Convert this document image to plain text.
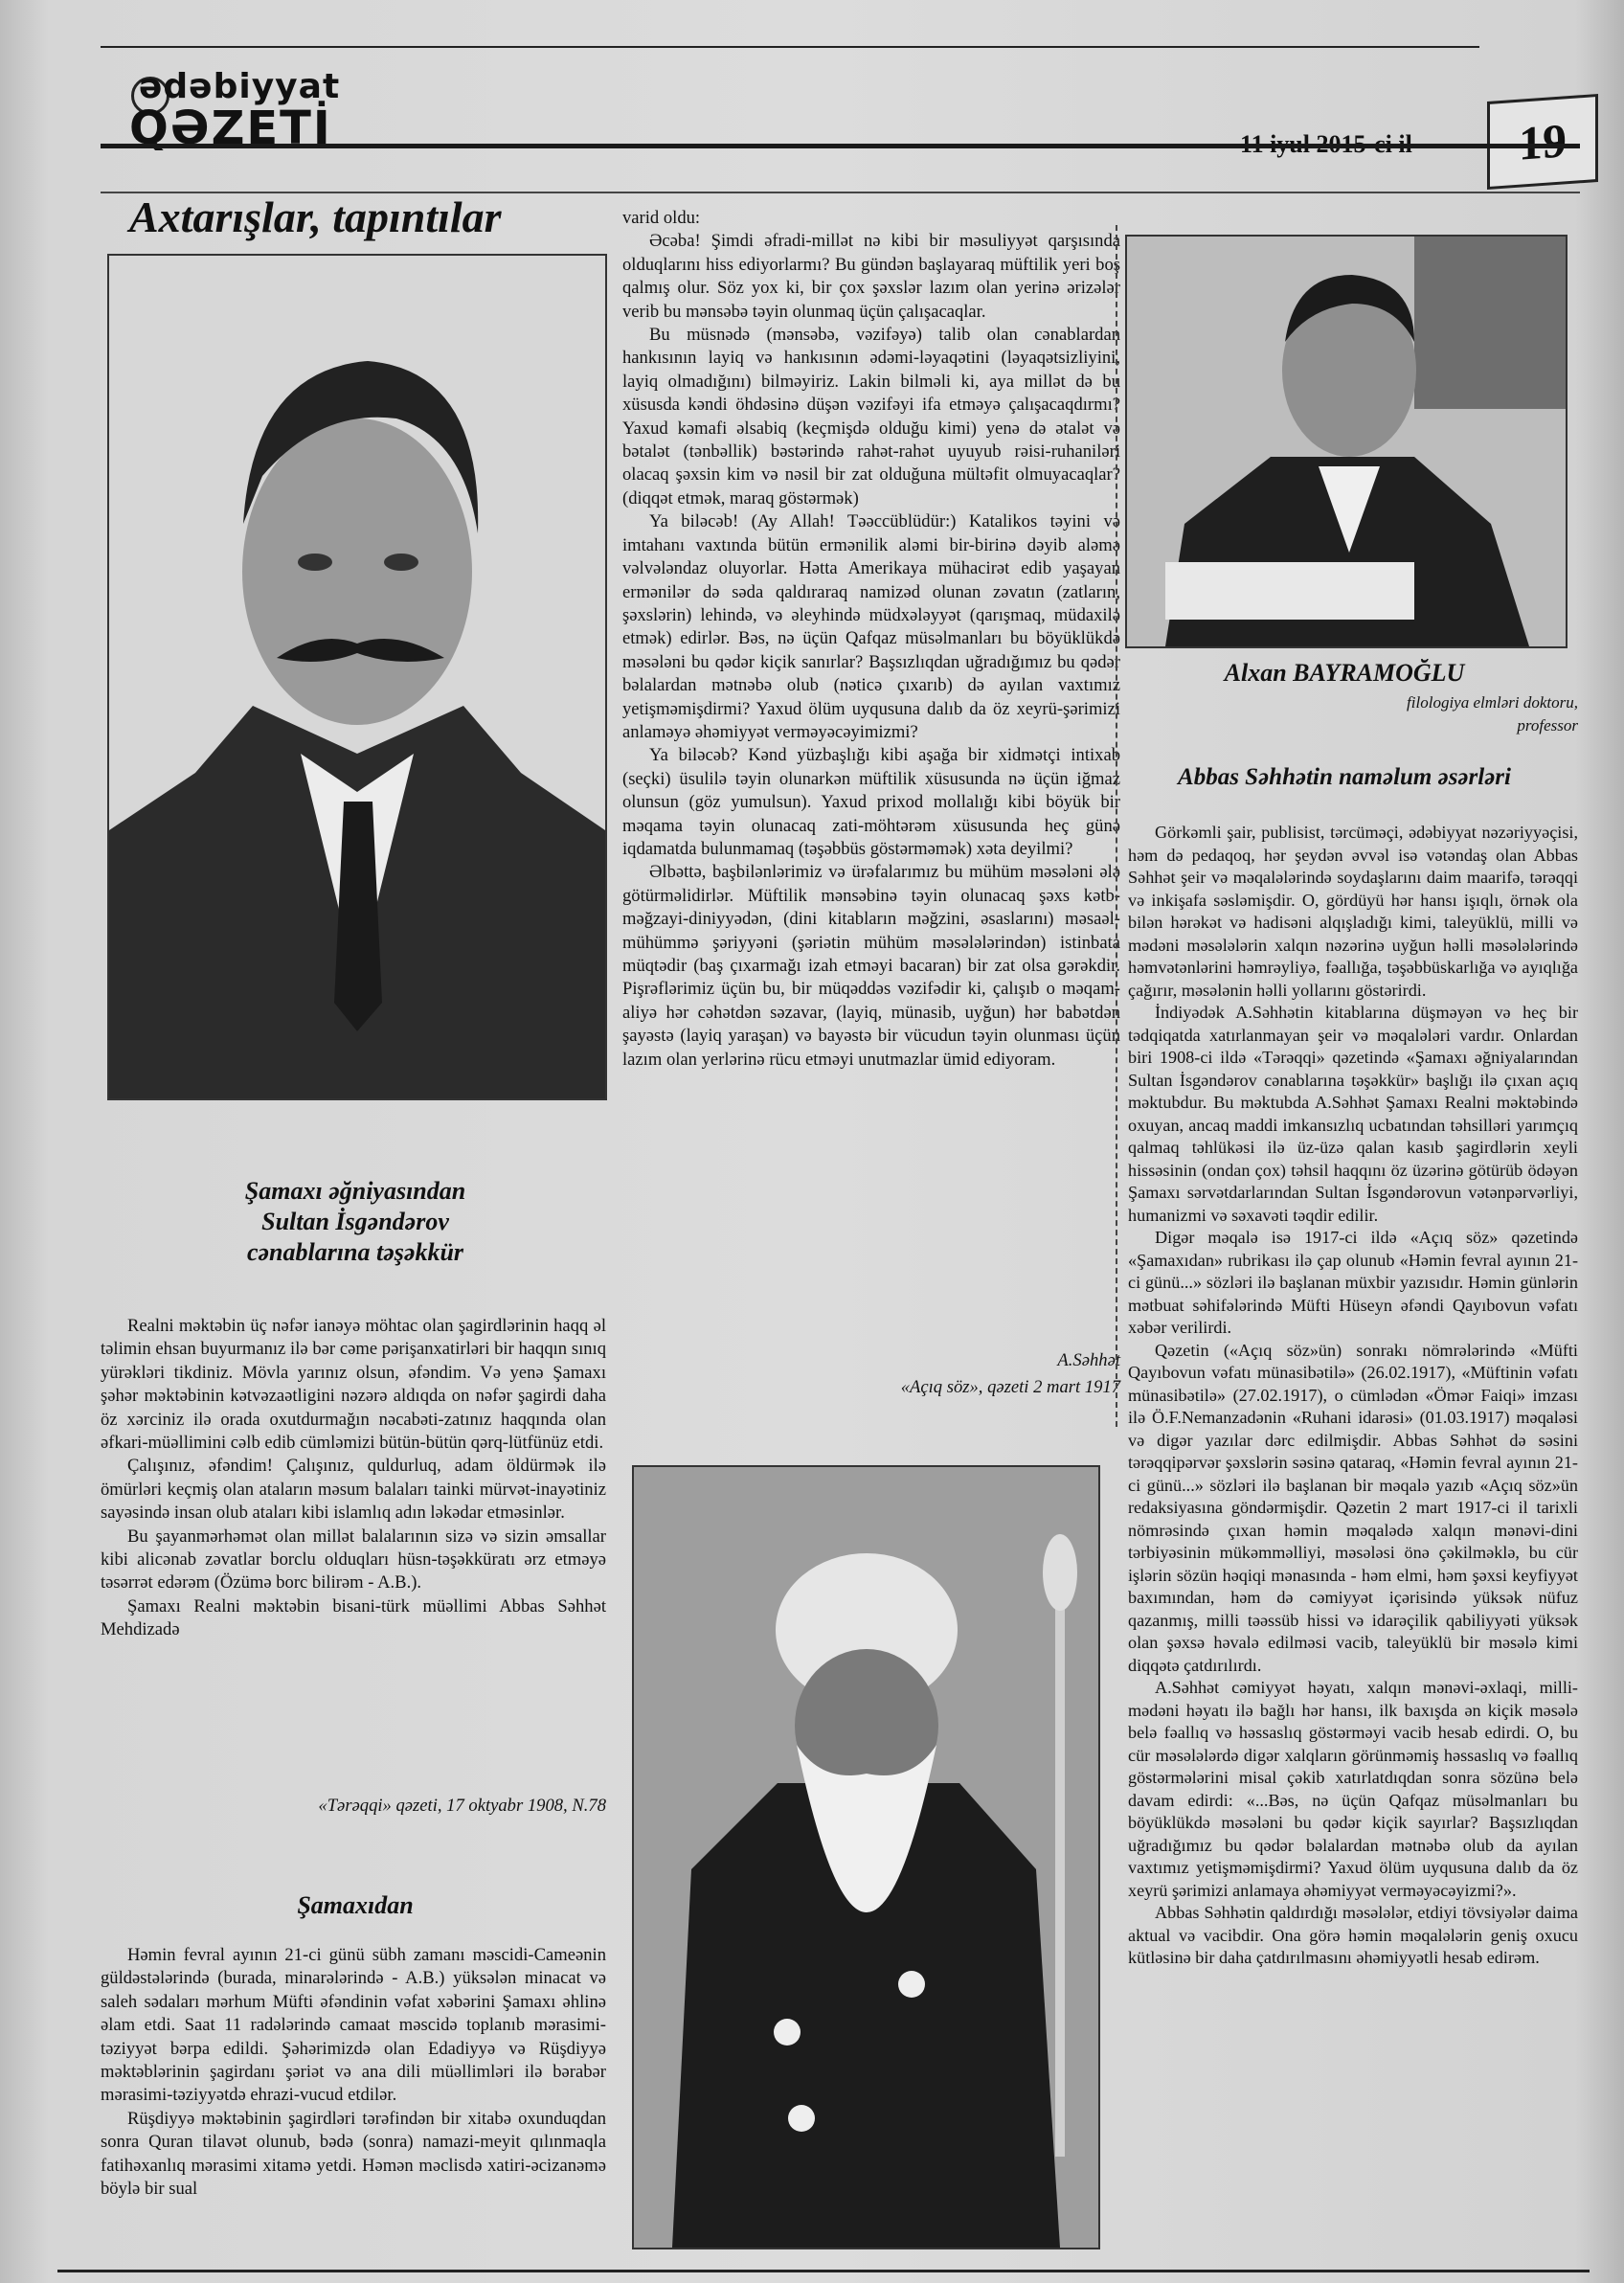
ədəbiyyat
QƏZETİ	11 iyul 2015-ci il	19
Axtarışlar, tapıntılar
Şamaxı əğniyasından
Sultan İsgəndərov
cənablarına təşəkkür

Realni məktəbin üç nəfər ianəyə möhtac olan şagirdlərinin haqq əl təlimin ehsan buyurmanız ilə bər cəme pərişanxatirləri bir haqqın sınıq yürəkləri tikdiniz. Mövla yarınız olsun, əfəndim. Və yenə Şamaxı şəhər məktəbinin kətvəzaətligini nəzərə aldıqda on nəfər şagirdi daha öz xərciniz ilə orada oxutdurmağın nəcabəti-zatınız haqqında olan əfkari-müəllimini cəlb edib cümləmizi bütün-bütün qərq-lütfünüz etdi.

Çalışınız, əfəndim! Çalışınız, quldurluq, adam öldürmək ilə ömürləri keçmiş olan ataların məsum balaları tainki mürvət-inayətiniz sayəsində insan olub ataları kibi islamlıq adın ləkədar etməsinlər.

Bu şayanmərhəmət olan millət balalarının sizə və sizin əmsallar kibi alicənab zəvatlar borclu olduqları hüsn-təşəkküratı ərz etməyə təsərrət edərəm (Özümə borc bilirəm - A.B.).

Şamaxı Realni məktəbin bisani-türk müəllimi Abbas Səhhət Mehdizadə

«Tərəqqi» qəzeti, 17 oktyabr 1908, N.78
Şamaxıdan

Həmin fevral ayının 21-ci günü sübh zamanı məscidi-Cameənin güldəstələrində (burada, minarələrində - A.B.) yüksələn minacat və saleh sədaları mərhum Müfti əfəndinin vəfat xəbərini Şamaxı əhlinə əlam etdi. Saat 11 radələrində camaat məscidə toplanıb mərasimi-təziyyət bərpa edildi. Şəhərimizdə olan Edadiyyə və Rüşdiyyə məktəblərinin şagirdanı şəriət və ana dili müəllimləri ilə bərabər mərasimi-təziyyətdə ehrazi-vucud etdilər.

Rüşdiyyə məktəbinin şagirdləri tərəfindən bir xitabə oxunduqdan sonra Quran tilavət olunub, bədə (sonra) namazi-meyit qılınmaqla fatihəxanlıq mərasimi xitamə yetdi. Həmən məclisdə xatiri-əcizanəmə böylə bir sual

varid oldu:

Əcəba! Şimdi əfradi-millət nə kibi bir məsuliyyət qarşısında olduqlarını hiss ediyorlarmı? Bu gündən başlayaraq müftilik yeri boş qalmış olur. Söz yox ki, bir çox şəxslər lazım olan yerinə ərizələr verib bu mənsəbə təyin olunmaq üçün çalışacaqlar.

Bu müsnədə (mənsəbə, vəzifəyə) talib olan cənablardan hankısının layiq və hankısının ədəmi-ləyaqətini (ləyaqətsizliyini, layiq olmadığını) bilməyiriz. Lakin bilməli ki, aya millət də bu xüsusda kəndi öhdəsinə düşən vəzifəyi ifa etməyə çalışacaqdırmı? Yaxud kəmafi əlsabiq (keçmişdə olduğu kimi) yenə də ətalət və bətalət (tənbəllik) bəstərində rahət-rahət uyuyub rəisi-ruhaniləri olacaq şəxsin kim və nəsil bir zat olduğuna mültəfit olmuyacaqlar? (diqqət etmək, maraq göstərmək)

Ya biləcəb! (Ay Allah! Təəccüblüdür:) Katalikos təyini və imtahanı vaxtında bütün ermənilik aləmi bir-birinə dəyib aləmə vəlvələndaz oluyorlar. Hətta Amerikaya mühacirət edib yaşayan ermənilər də səda qaldıraraq namizəd olunan zəvatın (zatların, şəxslərin) lehində, və əleyhində müdxələyyət (qarışmaq, müdaxilə etmək) edirlər. Bəs, nə üçün Qafqaz müsəlmanları bu böyüklükdə məsələni bu qədər kiçik sanırlar? Başsızlıqdan uğradığımız bu qədər bəlalardan mətnəbə olub (nəticə çıxarıb) də ayılan vaxtımız yetişməmişdirmi? Yaxud ölüm uyqusuna dalıb da öz xeyrü-şərimizi anlaməyə əhəmiyyət verməyəcəyimizmi?

Ya biləcəb? Kənd yüzbaşlığı kibi aşağa bir xidmətçi intixab (seçki) üsulilə təyin olunarkən müftilik xüsusunda nə üçün iğmaz olunsun (göz yumulsun). Yaxud prixod mollalığı kibi böyük bir məqama təyin olunacaq zati-möhtərəm xüsusunda heç günə iqdamatda bulunmamaq (təşəbbüs göstərməmək) xəta deyilmi?

Əlbəttə, başbilənlərimiz və ürəfalarımız bu mühüm məsələni ələ götürməlidirlər. Müftilik mənsəbinə təyin olunacaq şəxs kətb-məğzayi-diniyyədən, (dini kitabların məğzini, əsaslarını) məsaəl-mühümmə şəriyyəni (şəriətin mühüm məsələlərindən) istinbata müqtədir (baş çıxarmağı izah etməyi bacaran) bir zat olsa gərəkdir. Pişrəflərimiz üçün bu, bir müqəddəs vəzifədir ki, çalışıb o məqam-aliyə hər cəhətdən səzavar, (layiq, münasib, uyğun) hər babətdən şayəstə (layiq yaraşan) və bayəstə bir vücudun təyin olunması üçün lazım olan yerlərinə rücu etməyi unutmazlar ümid ediyoram.

A.Səhhət
«Açıq söz», qəzeti 2 mart 1917
Alxan BAYRAMOĞLU
filologiya elmləri doktoru,
professor
Abbas Səhhətin naməlum əsərləri

Görkəmli şair, publisist, tərcüməçi, ədəbiyyat nəzəriyyəçisi, həm də pedaqoq, hər şeydən əvvəl isə vətəndaş olan Abbas Səhhət şeir və məqalələrində soydaşlarını daim maarifə, tərəqqi və inkişafa səsləmişdir. O, gördüyü hər hansı işıqlı, örnək ola bilən hərəkət və hadisəni alqışladığı kimi, taleyüklü, milli və mədəni məsələlərin xalqın nəzərinə uyğun həlli məsələlərində həmvətənlərini həmrəyliyə, fəallığa, təşəbbüskarlığa və ayıqlığa çağırır, məsələnin həlli yollarını göstərirdi.

İndiyədək A.Səhhətin kitablarına düşməyən və heç bir tədqiqatda xatırlanmayan şeir və məqalələri vardır. Onlardan biri 1908-ci ildə «Tərəqqi» qəzetində «Şamaxı əğniyalarından Sultan İsgəndərov cənablarına təşəkkür» başlığı ilə çıxan açıq məktubdur. Bu məktubda A.Səhhət Şamaxı Realni məktəbində oxuyan, ancaq maddi imkansızlıq ucbatından təhsilləri yarımçıq qalmaq təhlükəsi ilə üz-üzə qalan kasıb şagirdlərin xeyli hissəsinin (ondan çox) təhsil haqqını öz üzərinə götürüb ödəyən Şamaxı sərvətdarlarından Sultan İsgəndərovun vətənpərvərliyi, humanizmi və səxavəti təqdir edilir.

Digər məqalə isə 1917-ci ildə «Açıq söz» qəzetində «Şamaxıdan» rubrikası ilə çap olunub «Həmin fevral ayının 21-ci günü...» sözləri ilə başlanan müxbir yazısıdır. Həmin günlərin mətbuat səhifələrində Müfti Hüseyn əfəndi Qayıbovun vəfatı xəbər verilirdi.

Qəzetin («Açıq söz»ün) sonrakı nömrələrində «Müfti Qayıbovun vəfatı münasibətilə» (26.02.1917), «Müftinin vəfatı münasibətilə» (27.02.1917), o cümlədən «Ömər Faiqi» imzası ilə Ö.F.Nemanzadənin «Ruhani idarəsi» (01.03.1917) məqaləsi və digər yazılar dərc edilmişdir. Abbas Səhhət də səsini tərəqqipərvər şəxslərin səsinə qataraq, «Həmin fevral ayının 21-ci günü...» sözləri ilə başlanan bir məqalə yazıb «Açıq söz»ün redaksiyasına göndərmişdir. Qəzetin 2 mart 1917-ci il tarixli nömrəsində çıxan həmin məqalədə xalqın mənəvi-dini tərbiyəsinin mükəmməlliyi, məsələsi önə çəkilməklə, bu cür işlərin sözün həqiqi mənasında - həm elmi, həm şəxsi keyfiyyət baxımından, həm də cəmiyyət içərisində yüksək nüfuz qazanmış, milli təəssüb hissi və idarəçilik qabiliyyəti yüksək olan şəxsə həvalə edilməsi vacib, taleyüklü bir məsələ kimi diqqətə çatdırılırdı.

A.Səhhət cəmiyyət həyatı, xalqın mənəvi-əxlaqi, milli-mədəni həyatı ilə bağlı hər hansı, ilk baxışda ən kiçik məsələ belə fəallıq və həssaslıq göstərməyi vacib hesab edirdi. O, bu cür məsələlərdə digər xalqların görünməmiş həssaslıq və fəallıq göstərmələrini misal çəkib xatırlatdıqdan sonra sözünə belə davam edirdi: «...Bəs, nə üçün Qafqaz müsəlmanları bu böyüklükdə məsələni bu qədər kiçik sayırlar? Başsızlıqdan uğradığımız bu qədər bəlalardan mətnəbə olub da ayılan vaxtımız yetişməmişdirmi? Yaxud ölüm uyqusuna dalıb da öz xeyrü şərimizi anlamaya əhəmiyyət verməyəcəyizmi?».

Abbas Səhhətin qaldırdığı məsələlər, etdiyi tövsiyələr daima aktual və vacibdir. Ona görə həmin məqalələrin geniş oxucu kütləsinə bir daha çatdırılmasını əhəmiyyətli hesab edirəm.
